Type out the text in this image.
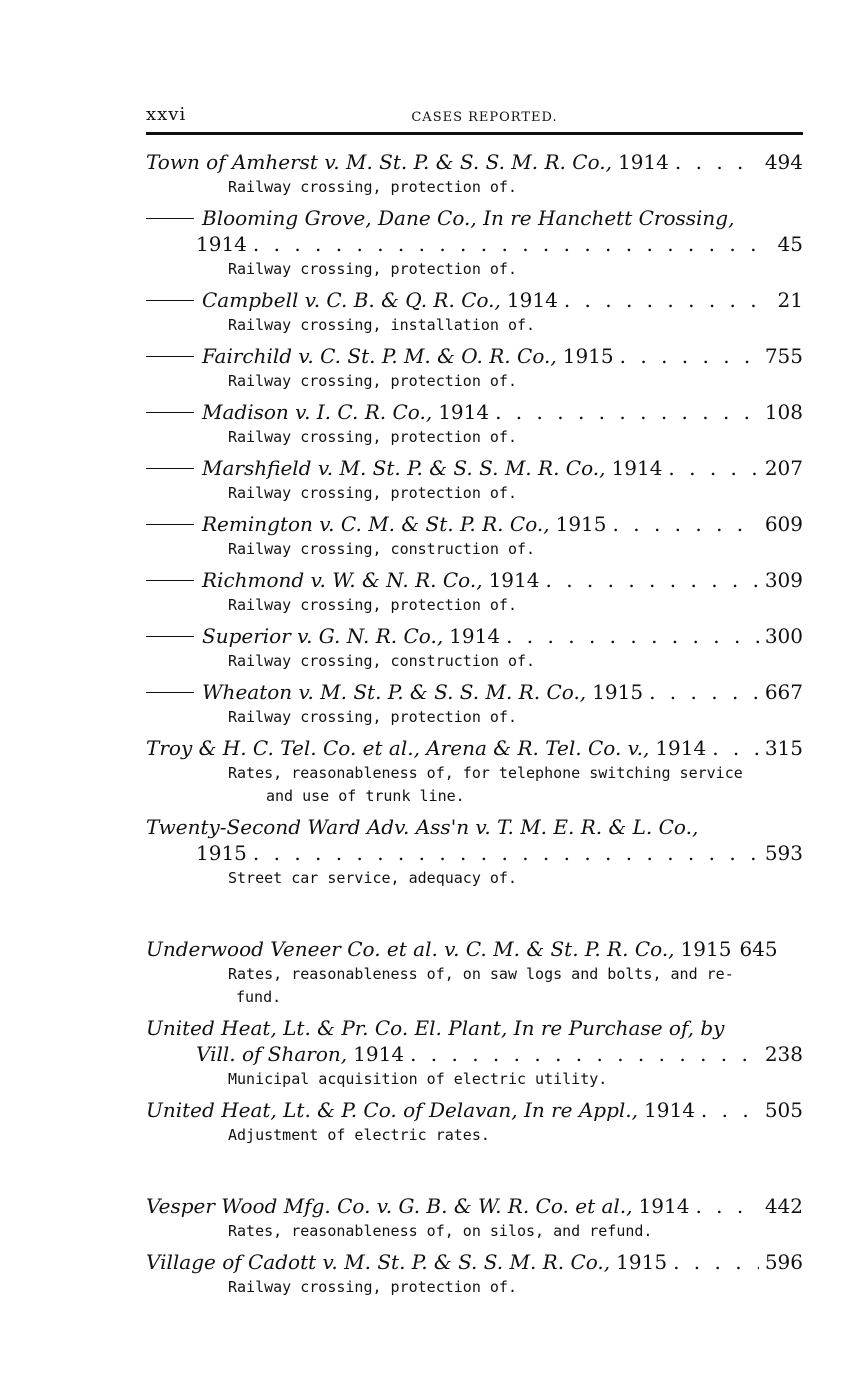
xxvi	CASES REPORTED.
Town of Amherst v. M. St. P. & S. S. M. R. Co., 1914 . . .	494
Railway crossing, protection of.
Blooming Grove, Dane Co., In re Hanchett Crossing,
1914 . . .	45
Railway crossing, protection of.
Campbell v. C. B. & Q. R. Co., 1914 . . .	21
Railway crossing, installation of.
Fairchild v. C. St. P. M. & O. R. Co., 1915 . . .	755
Railway crossing, protection of.
Madison v. I. C. R. Co., 1914 . . .	108
Railway crossing, protection of.
Marshfield v. M. St. P. & S. S. M. R. Co., 1914 . . .	207
Railway crossing, protection of.
Remington v. C. M. & St. P. R. Co., 1915 . . .	609
Railway crossing, construction of.
Richmond v. W. & N. R. Co., 1914 . . .	309
Railway crossing, protection of.
Superior v. G. N. R. Co., 1914 . . .	300
Railway crossing, construction of.
Wheaton v. M. St. P. & S. S. M. R. Co., 1915 . . .	667
Railway crossing, protection of.
Troy & H. C. Tel. Co. et al., Arena & R. Tel. Co. v., 1914 . . .	315
Rates, reasonableness of, for telephone switching service
and use of trunk line.
Twenty-Second Ward Adv. Ass'n v. T. M. E. R. & L. Co.,
1915 . . .	593
Street car service, adequacy of.
Underwood Veneer Co. et al. v. C. M. & St. P. R. Co., 1915 645
Rates, reasonableness of, on saw logs and bolts, and re-
fund.
United Heat, Lt. & Pr. Co. El. Plant, In re Purchase of, by
Vill. of Sharon, 1914 . . .	238
Municipal acquisition of electric utility.
United Heat, Lt. & P. Co. of Delavan, In re Appl., 1914 . . .	505
Adjustment of electric rates.
Vesper Wood Mfg. Co. v. G. B. & W. R. Co. et al., 1914 . . .	442
Rates, reasonableness of, on silos, and refund.
Village of Cadott v. M. St. P. & S. S. M. R. Co., 1915 . . .	596
Railway crossing, protection of.
